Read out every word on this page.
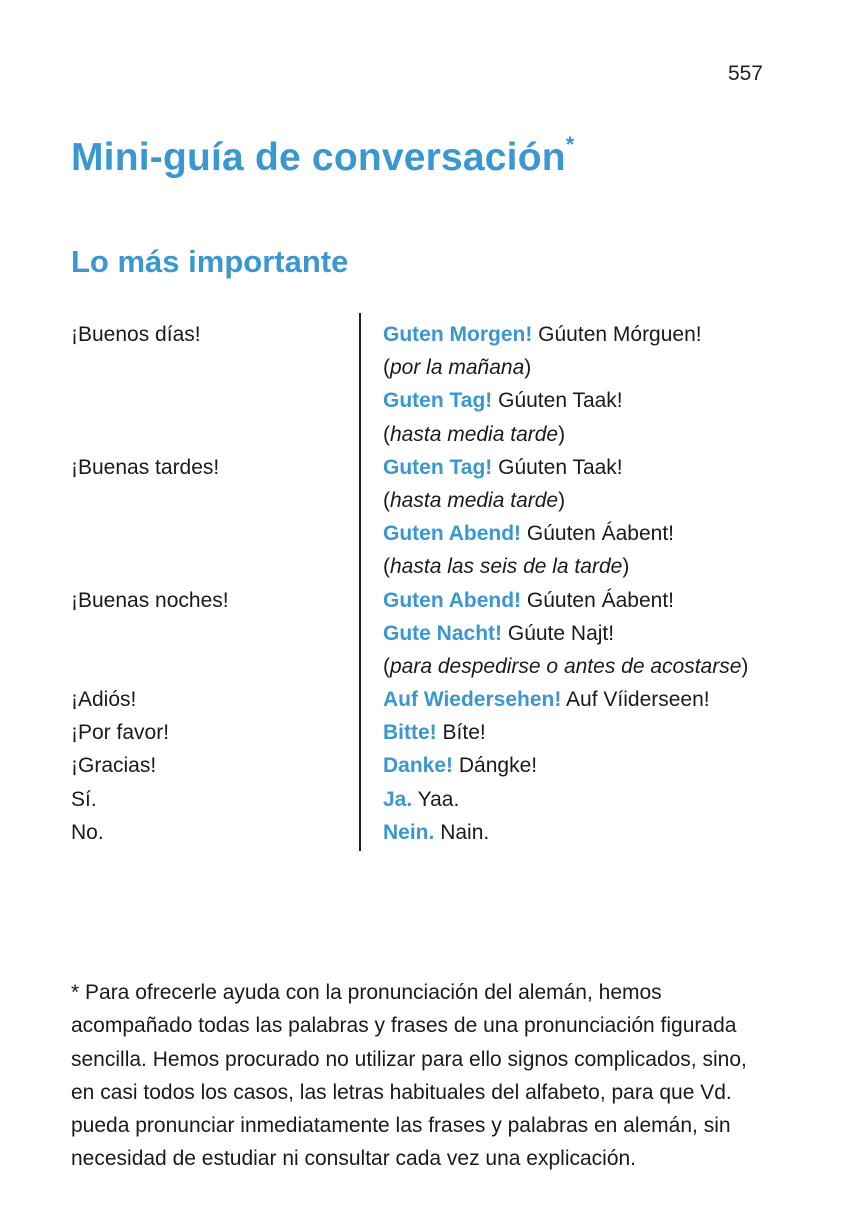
557
Mini-guía de conversación*
Lo más importante
¡Buenos días!	Guten Morgen! Gúuten Mórguen!
(por la mañana)
Guten Tag! Gúuten Taak!
(hasta media tarde)
¡Buenas tardes!	Guten Tag! Gúuten Taak!
(hasta media tarde)
Guten Abend! Gúuten Áabent!
(hasta las seis de la tarde)
¡Buenas noches!	Guten Abend! Gúuten Áabent!
Gute Nacht! Gúute Najt!
(para despedirse o antes de acostarse)
¡Adiós!	Auf Wiedersehen! Auf Víiderseen!
¡Por favor!	Bitte! Bíte!
¡Gracias!	Danke! Dángke!
Sí.	Ja. Yaa.
No.	Nein. Nain.

* Para ofrecerle ayuda con la pronunciación del alemán, hemos acompañado todas las palabras y frases de una pronunciación figurada sencilla. Hemos procurado no utilizar para ello signos complicados, sino, en casi todos los casos, las letras habituales del alfabeto, para que Vd. pueda pronunciar inmediatamente las frases y palabras en alemán, sin necesidad de estudiar ni consultar cada vez una explicación.
